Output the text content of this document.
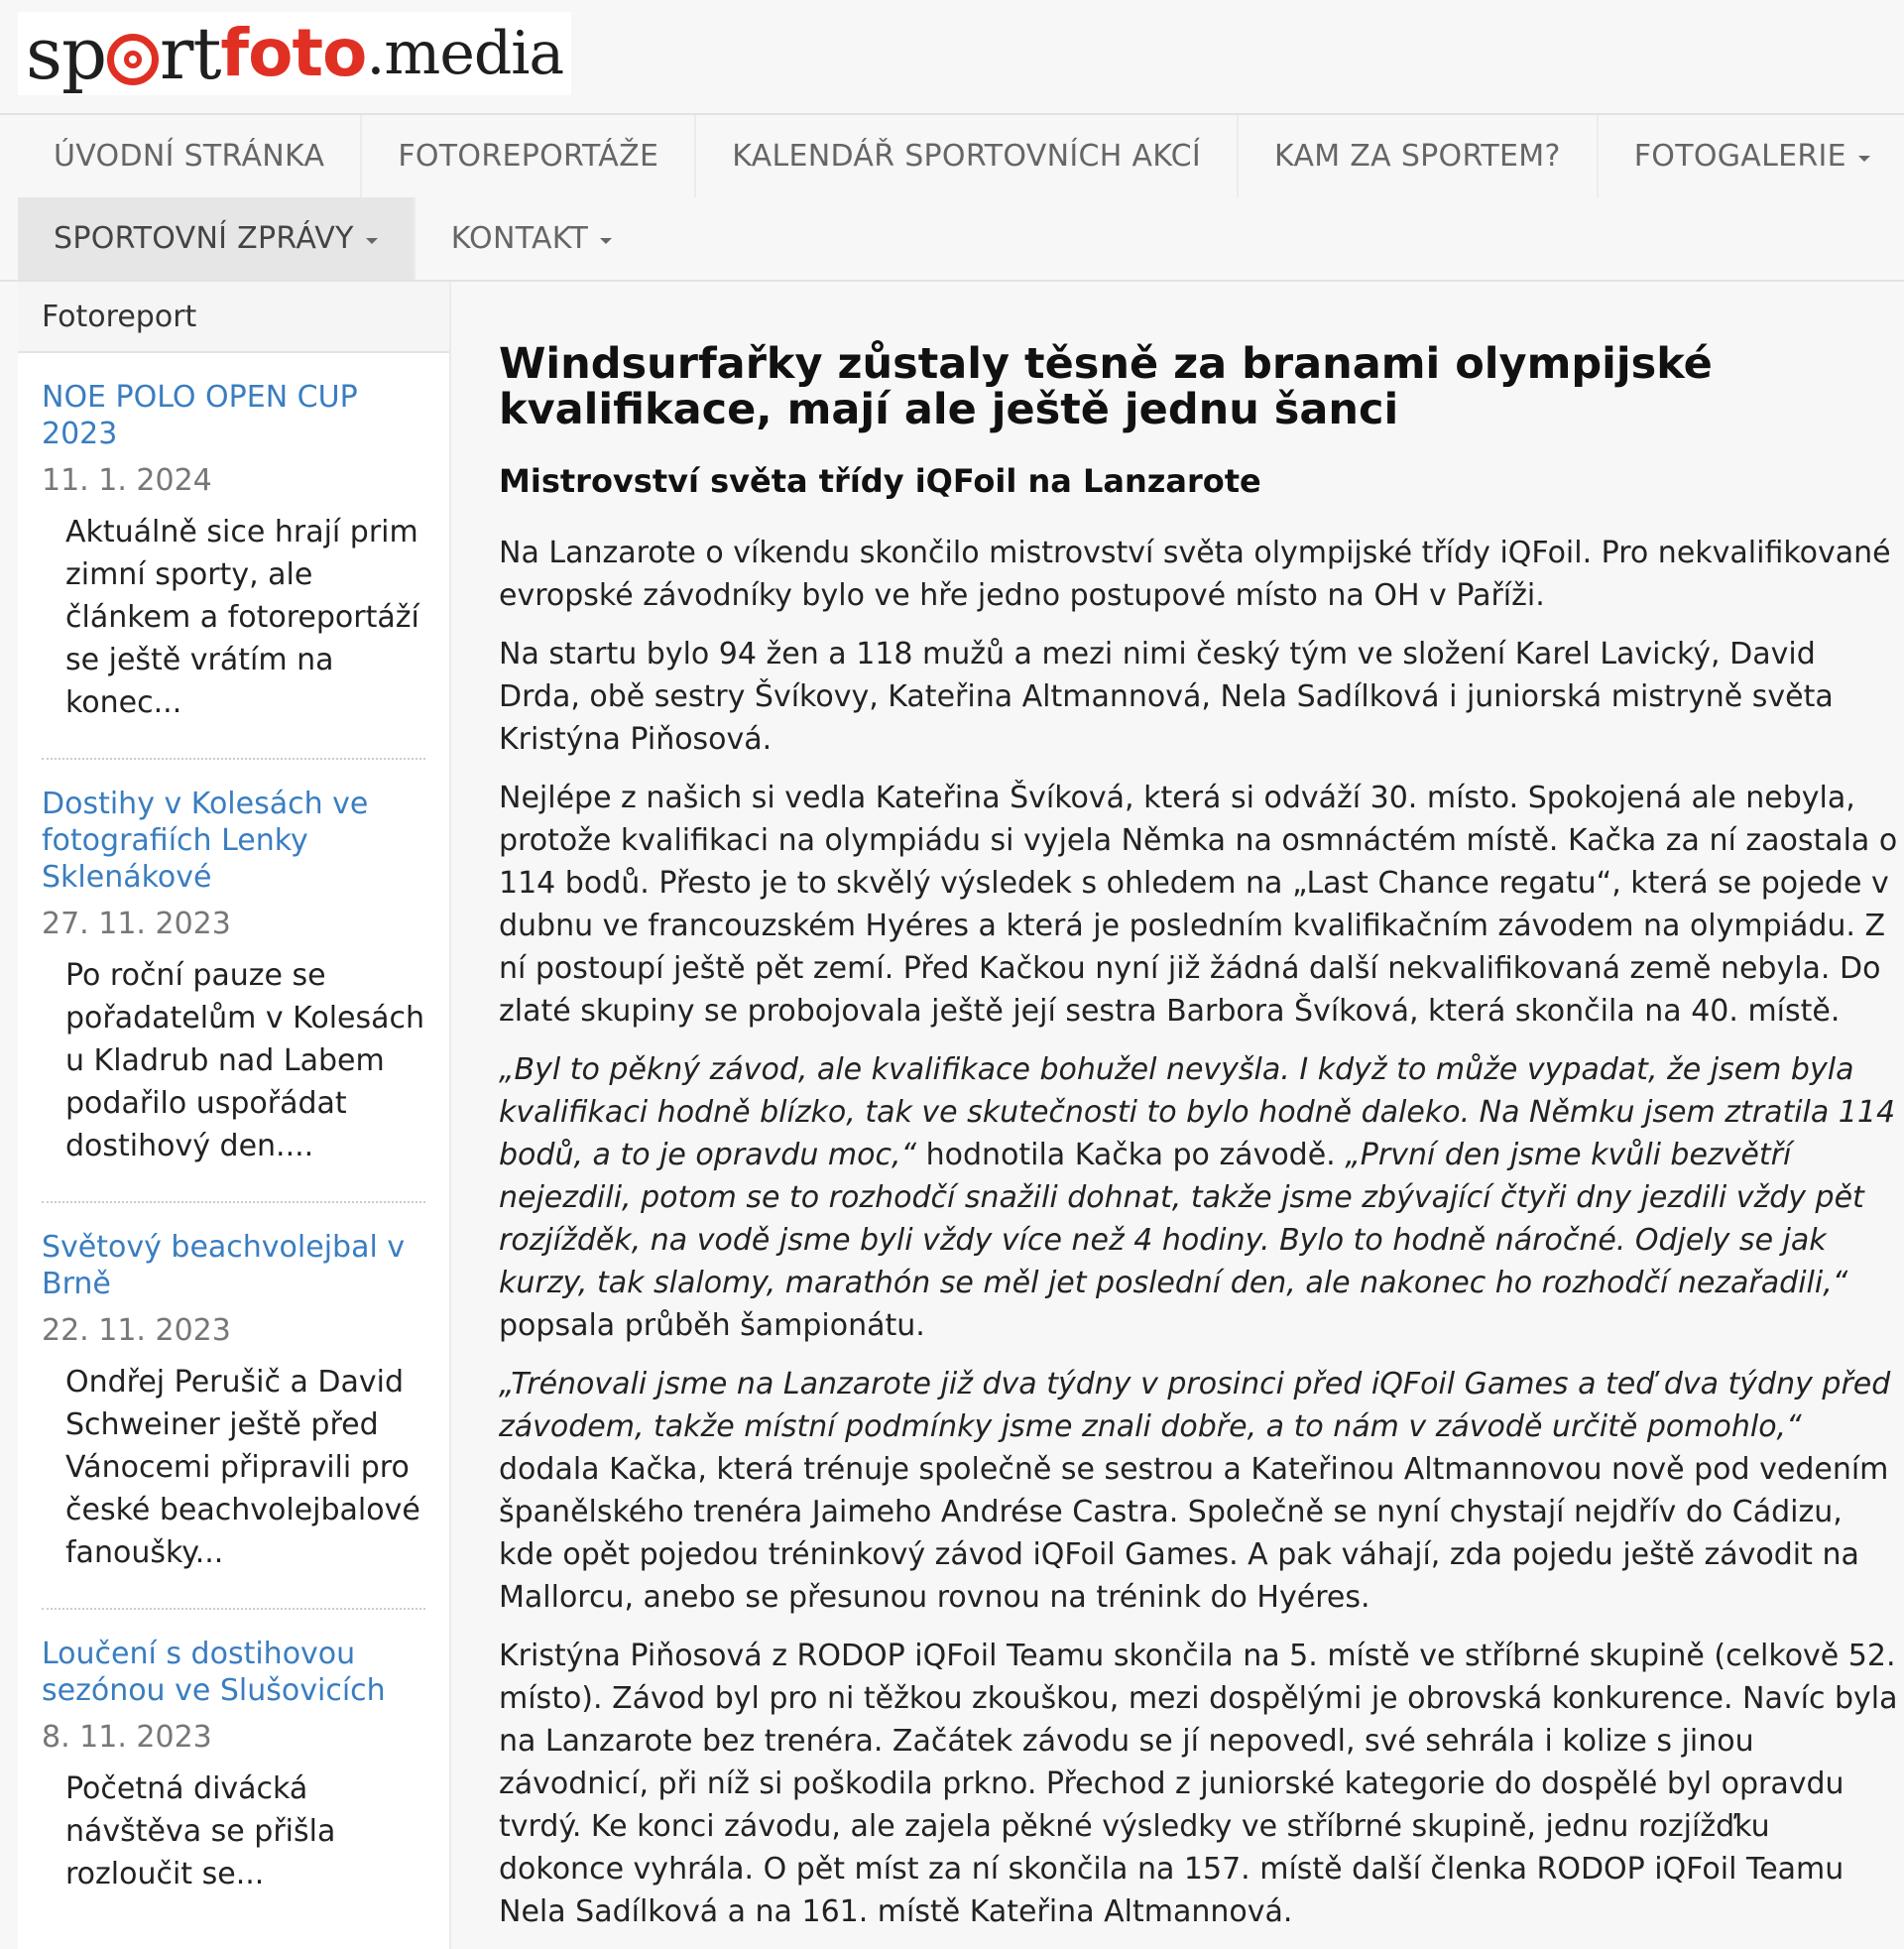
sp rt foto .media
ÚVODNÍ STRÁNKA FOTOREPORTÁŽE KALENDÁŘ SPORTOVNÍCH AKCÍ KAM ZA SPORTEM? FOTOGALERIE
SPORTOVNÍ ZPRÁVY	KONTAKT
Fotoreport
NOE POLO OPEN CUP 2023
11. 1. 2024
Aktuálně sice hrají prim zimní sporty, ale článkem a fotoreportáží se ještě vrátím na konec...
Dostihy v Kolesách ve fotografiích Lenky Sklenákové
27. 11. 2023
Po roční pauze se pořadatelům v Kolesách u Kladrub nad Labem podařilo uspořádat dostihový den....
Světový beachvolejbal v Brně
22. 11. 2023
Ondřej Perušič a David Schweiner ještě před Vánocemi připravili pro české beachvolejbalové fanoušky...
Loučení s dostihovou sezónou ve Slušovicích
8. 11. 2023
Početná divácká návštěva se přišla rozloučit se...
Windsurfařky zůstaly těsně za branami olympijské kvalifikace, mají ale ještě jednu šanci
Mistrovství světa třídy iQFoil na Lanzarote

Na Lanzarote o víkendu skončilo mistrovství světa olympijské třídy iQFoil. Pro nekvalifikované evropské závodníky bylo ve hře jedno postupové místo na OH v Paříži.

Na startu bylo 94 žen a 118 mužů a mezi nimi český tým ve složení Karel Lavický, David Drda, obě sestry Švíkovy, Kateřina Altmannová, Nela Sadílková i juniorská mistryně světa Kristýna Piňosová.

Nejlépe z našich si vedla Kateřina Švíková, která si odváží 30. místo. Spokojená ale nebyla, protože kvalifikaci na olympiádu si vyjela Němka na osmnáctém místě. Kačka za ní zaostala o 114 bodů. Přesto je to skvělý výsledek s ohledem na „Last Chance regatu“, která se pojede v dubnu ve francouzském Hyéres a která je posledním kvalifikačním závodem na olympiádu. Z ní postoupí ještě pět zemí. Před Kačkou nyní již žádná další nekvalifikovaná země nebyla. Do zlaté skupiny se probojovala ještě její sestra Barbora Švíková, která skončila na 40. místě.

„Byl to pěkný závod, ale kvalifikace bohužel nevyšla. I když to může vypadat, že jsem byla kvalifikaci hodně blízko, tak ve skutečnosti to bylo hodně daleko. Na Němku jsem ztratila 114 bodů, a to je opravdu moc,“ hodnotila Kačka po závodě. „První den jsme kvůli bezvětří nejezdili, potom se to rozhodčí snažili dohnat, takže jsme zbývající čtyři dny jezdili vždy pět rozjížděk, na vodě jsme byli vždy více než 4 hodiny. Bylo to hodně náročné. Odjely se jak kurzy, tak slalomy, marathón se měl jet poslední den, ale nakonec ho rozhodčí nezařadili,“ popsala průběh šampionátu.

„Trénovali jsme na Lanzarote již dva týdny v prosinci před iQFoil Games a teď dva týdny před závodem, takže místní podmínky jsme znali dobře, a to nám v závodě určitě pomohlo,“ dodala Kačka, která trénuje společně se sestrou a Kateřinou Altmannovou nově pod vedením španělského trenéra Jaimeho Andrése Castra. Společně se nyní chystají nejdřív do Cádizu, kde opět pojedou tréninkový závod iQFoil Games. A pak váhají, zda pojedu ještě závodit na Mallorcu, anebo se přesunou rovnou na trénink do Hyéres.

Kristýna Piňosová z RODOP iQFoil Teamu skončila na 5. místě ve stříbrné skupině (celkově 52. místo). Závod byl pro ni těžkou zkouškou, mezi dospělými je obrovská konkurence. Navíc byla na Lanzarote bez trenéra. Začátek závodu se jí nepovedl, své sehrála i kolize s jinou závodnicí, při níž si poškodila prkno. Přechod z juniorské kategorie do dospělé byl opravdu tvrdý. Ke konci závodu, ale zajela pěkné výsledky ve stříbrné skupině, jednu rozjížďku dokonce vyhrála. O pět míst za ní skončila na 157. místě další členka RODOP iQFoil Teamu Nela Sadílková a na 161. místě Kateřina Altmannová.
